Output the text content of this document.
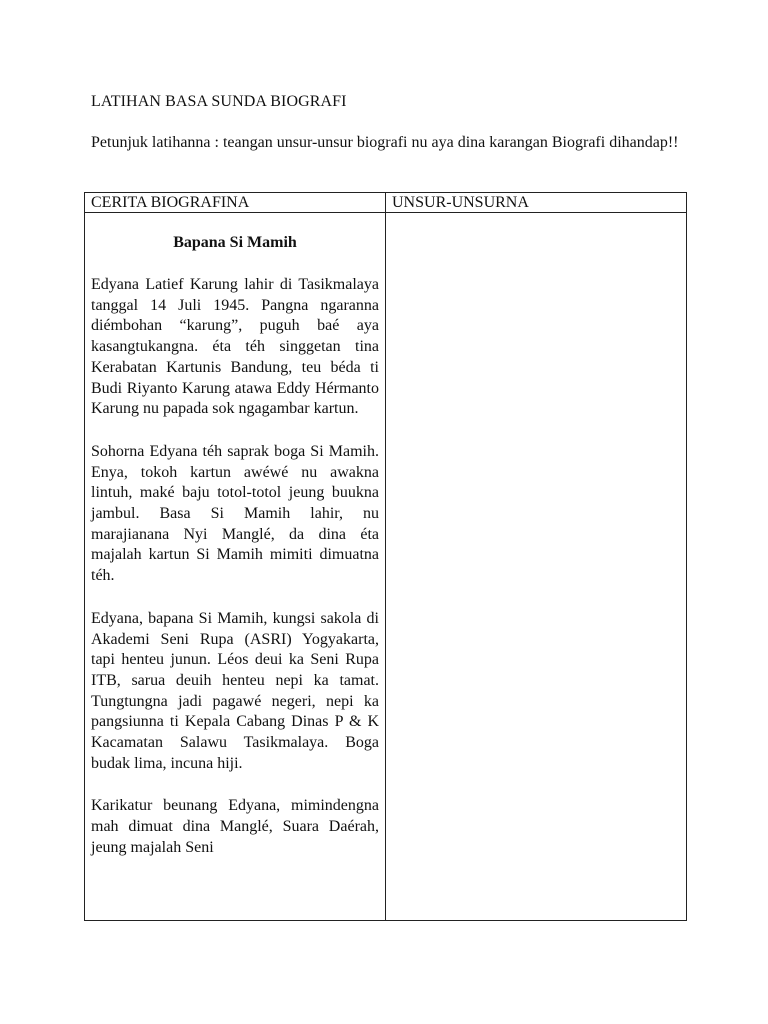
LATIHAN BASA SUNDA BIOGRAFI
Petunjuk latihanna : teangan unsur-unsur biografi nu aya dina karangan Biografi dihandap!!
CERITA BIOGRAFINA	UNSUR-UNSURNA

Bapana Si Mamih

Edyana Latief Karung lahir di Tasikmalaya tanggal 14 Juli 1945. Pangna ngaranna diémbohan “karung”, puguh baé aya kasangtukangna. éta téh singgetan tina Kerabatan Kartunis Bandung, teu béda ti Budi Riyanto Karung atawa Eddy Hérmanto Karung nu papada sok ngagambar kartun.

Sohorna Edyana téh saprak boga Si Mamih. Enya, tokoh kartun awéwé nu awakna lintuh, maké baju totol-totol jeung buukna jambul. Basa Si Mamih lahir, nu marajianana Nyi Manglé, da dina éta majalah kartun Si Mamih mimiti dimuatna téh.

Edyana, bapana Si Mamih, kungsi sakola di Akademi Seni Rupa (ASRI) Yogyakarta, tapi henteu junun. Léos deui ka Seni Rupa ITB, sarua deuih henteu nepi ka tamat. Tungtungna jadi pagawé negeri, nepi ka pangsiunna ti Kepala Cabang Dinas P & K Kacamatan Salawu Tasikmalaya. Boga budak lima, incuna hiji.

Karikatur beunang Edyana, mimindengna mah dimuat dina Manglé, Suara Daérah, jeung majalah Seni	
